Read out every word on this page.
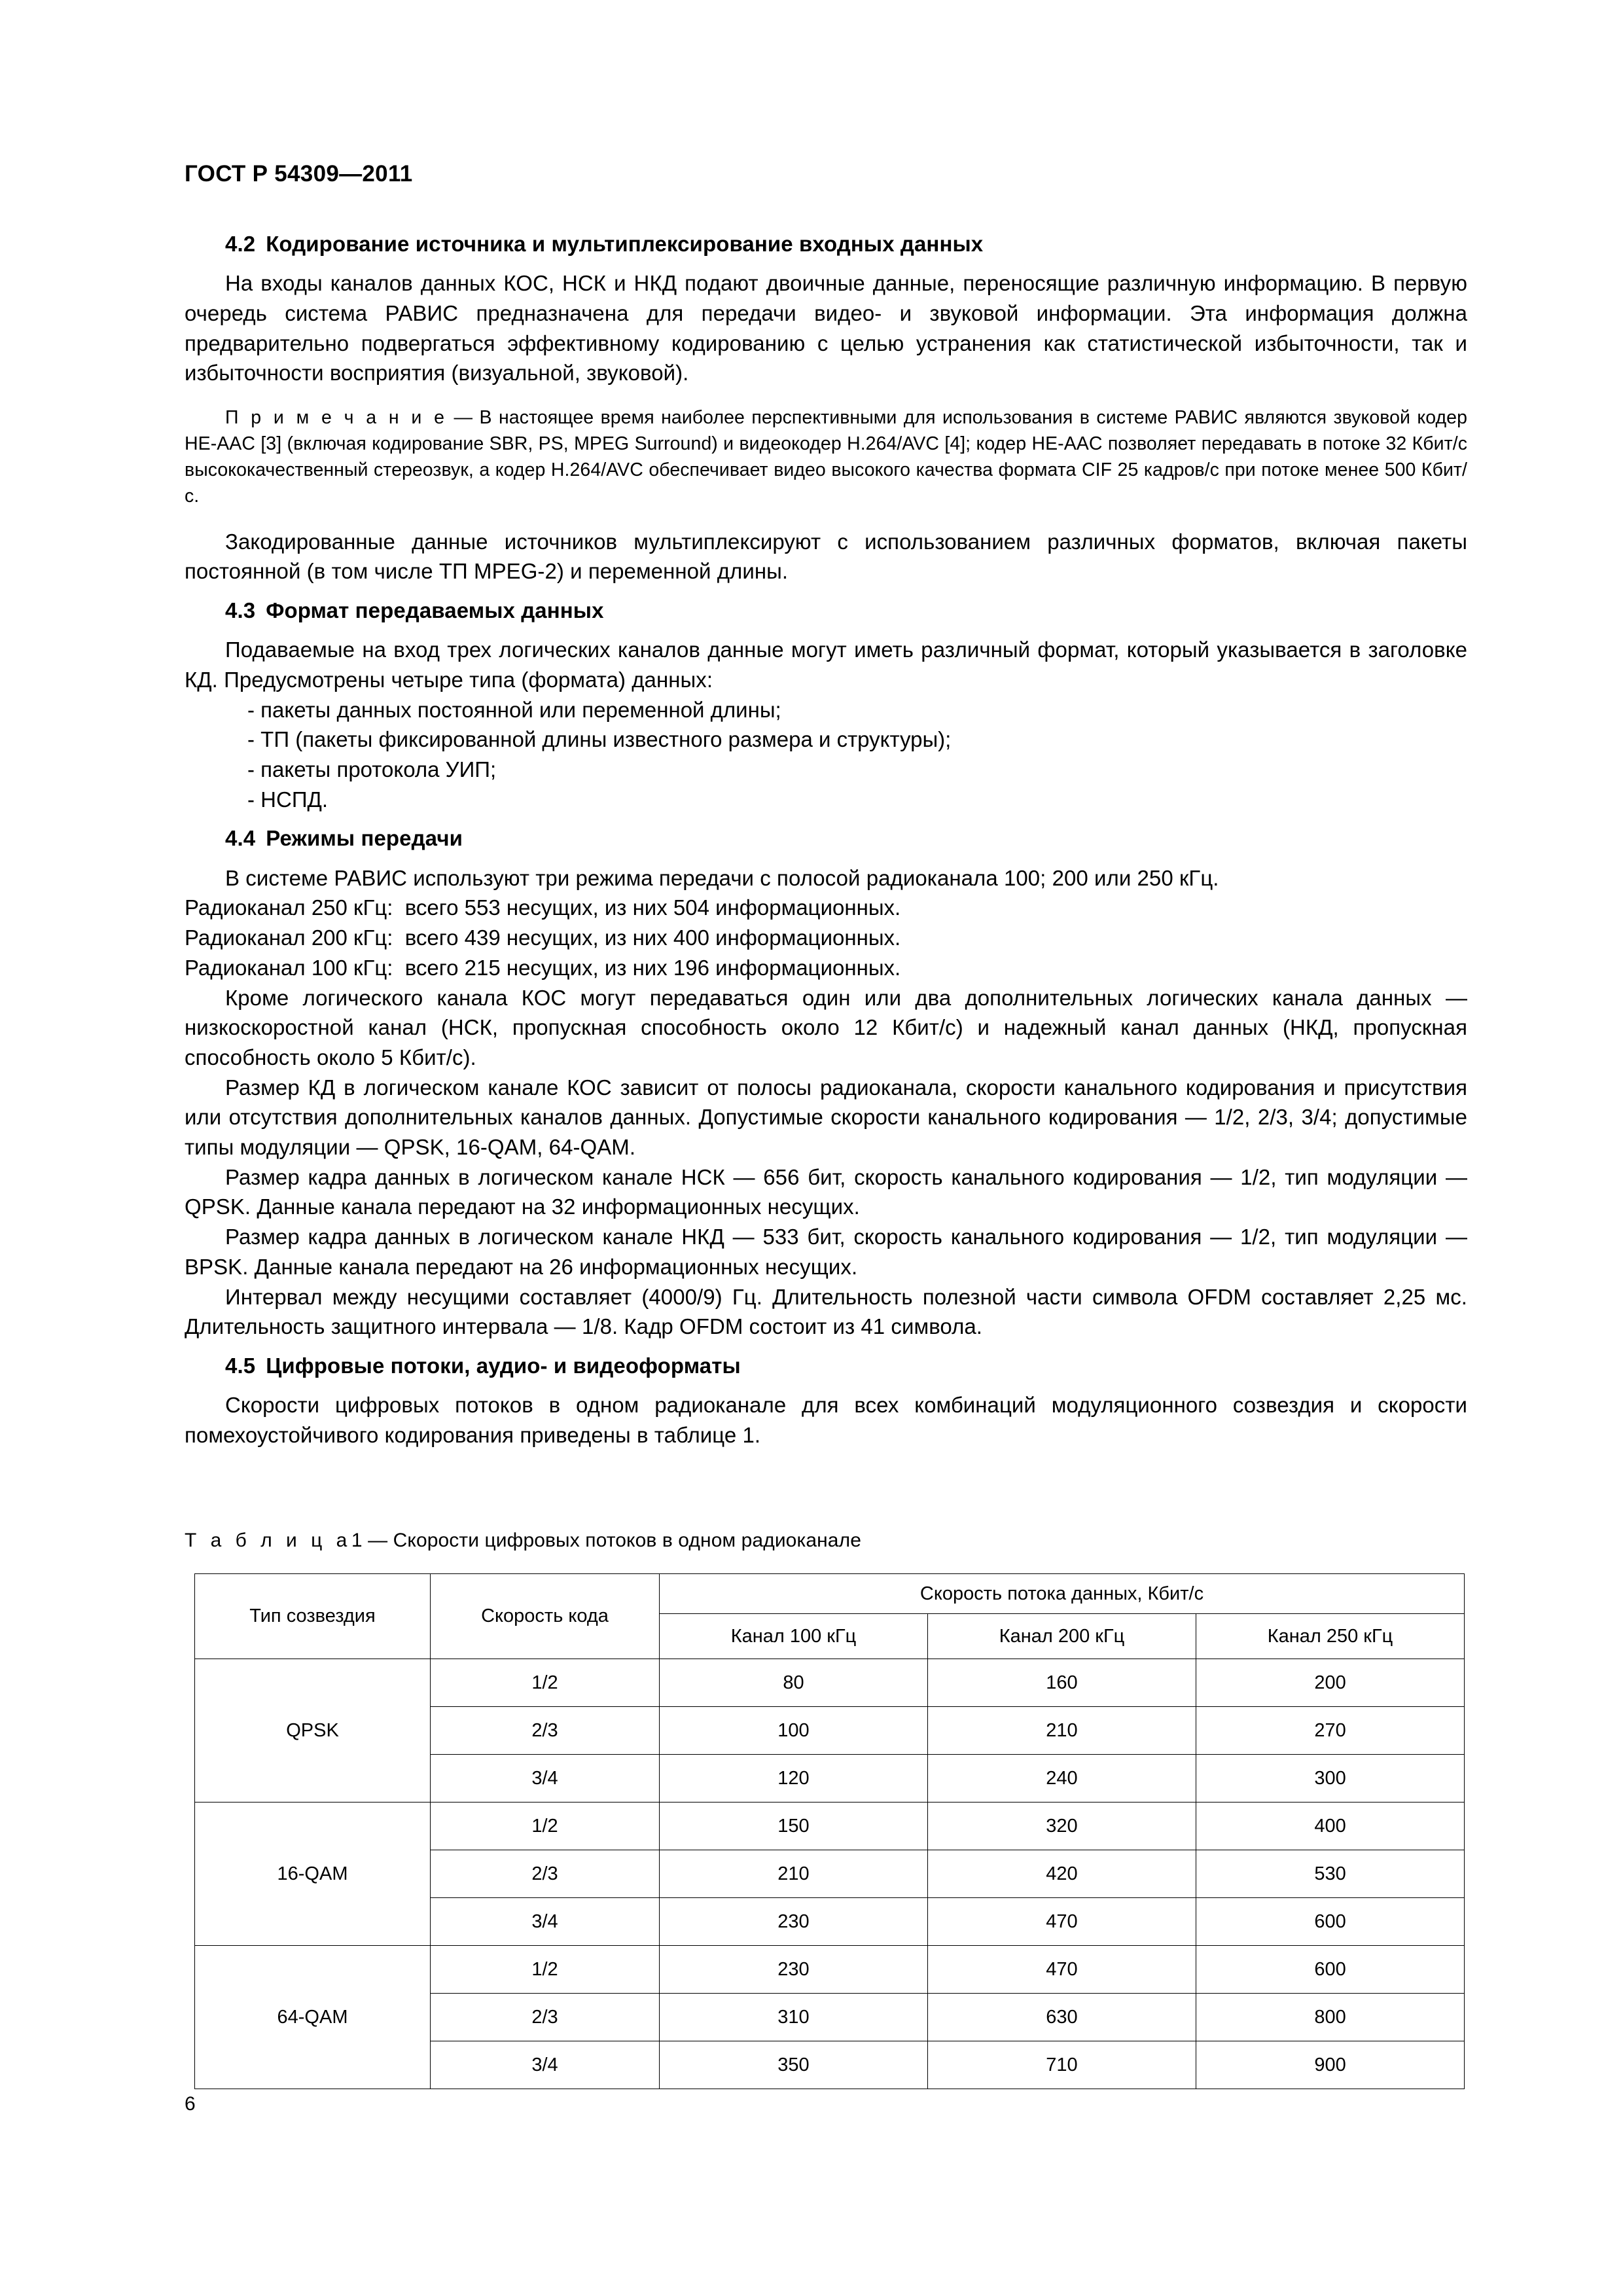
ГОСТ Р 54309—2011
4.2 Кодирование источника и мультиплексирование входных данных

На входы каналов данных КОС, НСК и НКД подают двоичные данные, переносящие различную информацию. В первую очередь система РАВИС предназначена для передачи видео- и звуковой информации. Эта информация должна предварительно подвергаться эффективному кодированию с целью устранения как статистической избыточности, так и избыточности восприятия (визуальной, звуковой).

П р и м е ч а н и е — В настоящее время наиболее перспективными для использования в системе РАВИС являются звуковой кодер HE-AAC [3] (включая кодирование SBR, PS, MPEG Surround) и видеокодер H.264/AVC [4]; кодер HE-AAC позволяет передавать в потоке 32 Кбит/с высококачественный стереозвук, а кодер H.264/AVC обеспечивает видео высокого качества формата CIF 25 кадров/с при потоке менее 500 Кбит/с.

Закодированные данные источников мультиплексируют с использованием различных форматов, включая пакеты постоянной (в том числе ТП MPEG-2) и переменной длины.

4.3 Формат передаваемых данных

Подаваемые на вход трех логических каналов данные могут иметь различный формат, который указывается в заголовке КД. Предусмотрены четыре типа (формата) данных:

- пакеты данных постоянной или переменной длины;
- ТП (пакеты фиксированной длины известного размера и структуры);
- пакеты протокола УИП;
- НСПД.
4.4 Режимы передачи

В системе РАВИС используют три режима передачи с полосой радиоканала 100; 200 или 250 кГц.

Радиоканал 250 кГц:  всего 553 несущих, из них 504 информационных.
Радиоканал 200 кГц:  всего 439 несущих, из них 400 информационных.
Радиоканал 100 кГц:  всего 215 несущих, из них 196 информационных.

Кроме логического канала КОС могут передаваться один или два дополнительных логических канала данных — низкоскоростной канал (НСК, пропускная способность около 12 Кбит/с) и надежный канал данных (НКД, пропускная способность около 5 Кбит/с).

Размер КД в логическом канале КОС зависит от полосы радиоканала, скорости канального кодирования и присутствия или отсутствия дополнительных каналов данных. Допустимые скорости канального кодирования — 1/2, 2/3, 3/4; допустимые типы модуляции — QPSK, 16-QAM, 64-QAM.

Размер кадра данных в логическом канале НСК — 656 бит, скорость канального кодирования — 1/2, тип модуляции — QPSK. Данные канала передают на 32 информационных несущих.

Размер кадра данных в логическом канале НКД — 533 бит, скорость канального кодирования — 1/2, тип модуляции — BPSK. Данные канала передают на 26 информационных несущих.

Интервал между несущими составляет (4000/9) Гц. Длительность полезной части символа OFDM составляет 2,25 мс. Длительность защитного интервала — 1/8. Кадр OFDM состоит из 41 символа.

4.5 Цифровые потоки, аудио- и видеоформаты

Скорости цифровых потоков в одном радиоканале для всех комбинаций модуляционного созвездия и скорости помехоустойчивого кодирования приведены в таблице 1.

Т а б л и ц а1 — Скорости цифровых потоков в одном радиоканале
Тип созвездия	Скорость кода	Скорость потока данных, Кбит/с		
		Канал 100 кГц	Канал 200 кГц	Канал 250 кГц
QPSK	1/2	80	160	200
	2/3	100	210	270
	3/4	120	240	300
16-QAM	1/2	150	320	400
	2/3	210	420	530
	3/4	230	470	600
64-QAM	1/2	230	470	600
	2/3	310	630	800
	3/4	350	710	900
6
